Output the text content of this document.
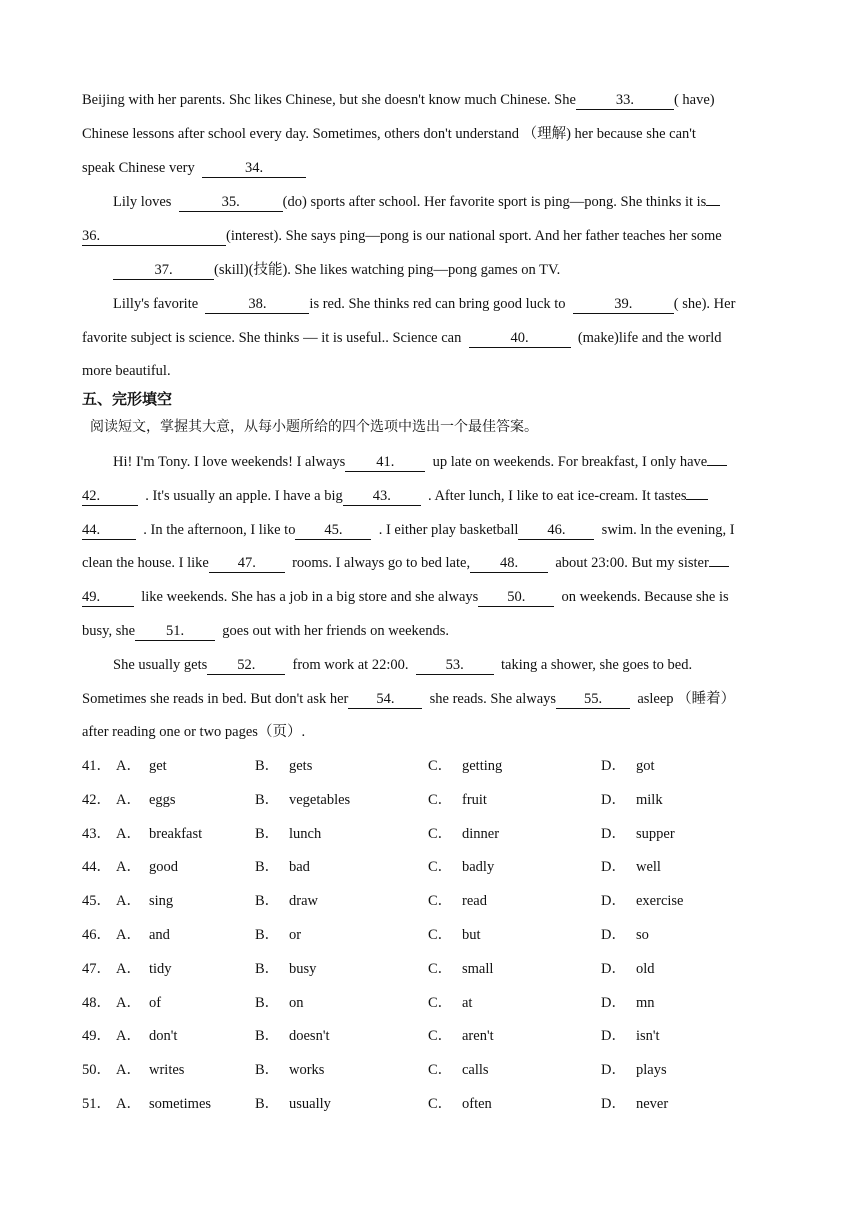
Beijing with her parents. Shc likes Chinese, but she doesn't know much Chinese. She	33.	( have)
Chinese lessons after school every day. Sometimes, others don't understand （理解) her because she can't
speak Chinese very	34.
Lily loves	35.	(do) sports after school. Her favorite sport is ping—pong. She thinks it is
36.	(interest). She says ping—pong is our national sport. And her father teaches her some
37.	(skill)(技能). She likes watching ping—pong games on TV.
Lilly's favorite	38.	is red. She thinks red can bring good luck to	39.	( she). Her
favorite subject is science. She thinks — it is useful.. Science can	40.	(make)life and the world
more beautiful.
五、完形填空
阅读短文，掌握其大意，从每小题所给的四个选项中选出一个最佳答案。
Hi! I'm Tony. I love weekends! I always 41.	up late on weekends. For breakfast, I only have
42.	. It's usually an apple. I have a big 43.	. After lunch, I like to eat ice-cream. It tastes
44.	. In the afternoon, I like to 45. . I either play basketball 46. swim. ln the evening, I
clean the house. I like 47. rooms. I always go to bed late, 48.	about 23:00. But my sister
49.	like weekends. She has a job in a big store and she always 50. on weekends. Because she is
busy, she 51.	goes out with her friends on weekends.
She usually gets 52.	from work at 22:00.	53.	taking a shower, she goes to bed.
Sometimes she reads in bed. But don't ask her 54. she reads. She always 55. asleep （睡着）
after reading one or two pages（页）.
41． A． get	B． gets	C． getting	D． got
42． A． eggs	B． vegetables	C． fruit	D． milk
43． A． breakfast	B． lunch	C． dinner	D． supper
44． A． good	B． bad	C． badly	D． well
45． A． sing	B． draw	C． read	D． exercise
46． A． and	B． or	C． but	D． so
47． A． tidy	B． busy	C． small	D． old
48． A． of	B． on	C． at	D． mn
49． A． don't	B． doesn't	C． aren't	D． isn't
50． A． writes	B． works	C． calls	D． plays
51． A． sometimes	B． usually	C． often	D． never
